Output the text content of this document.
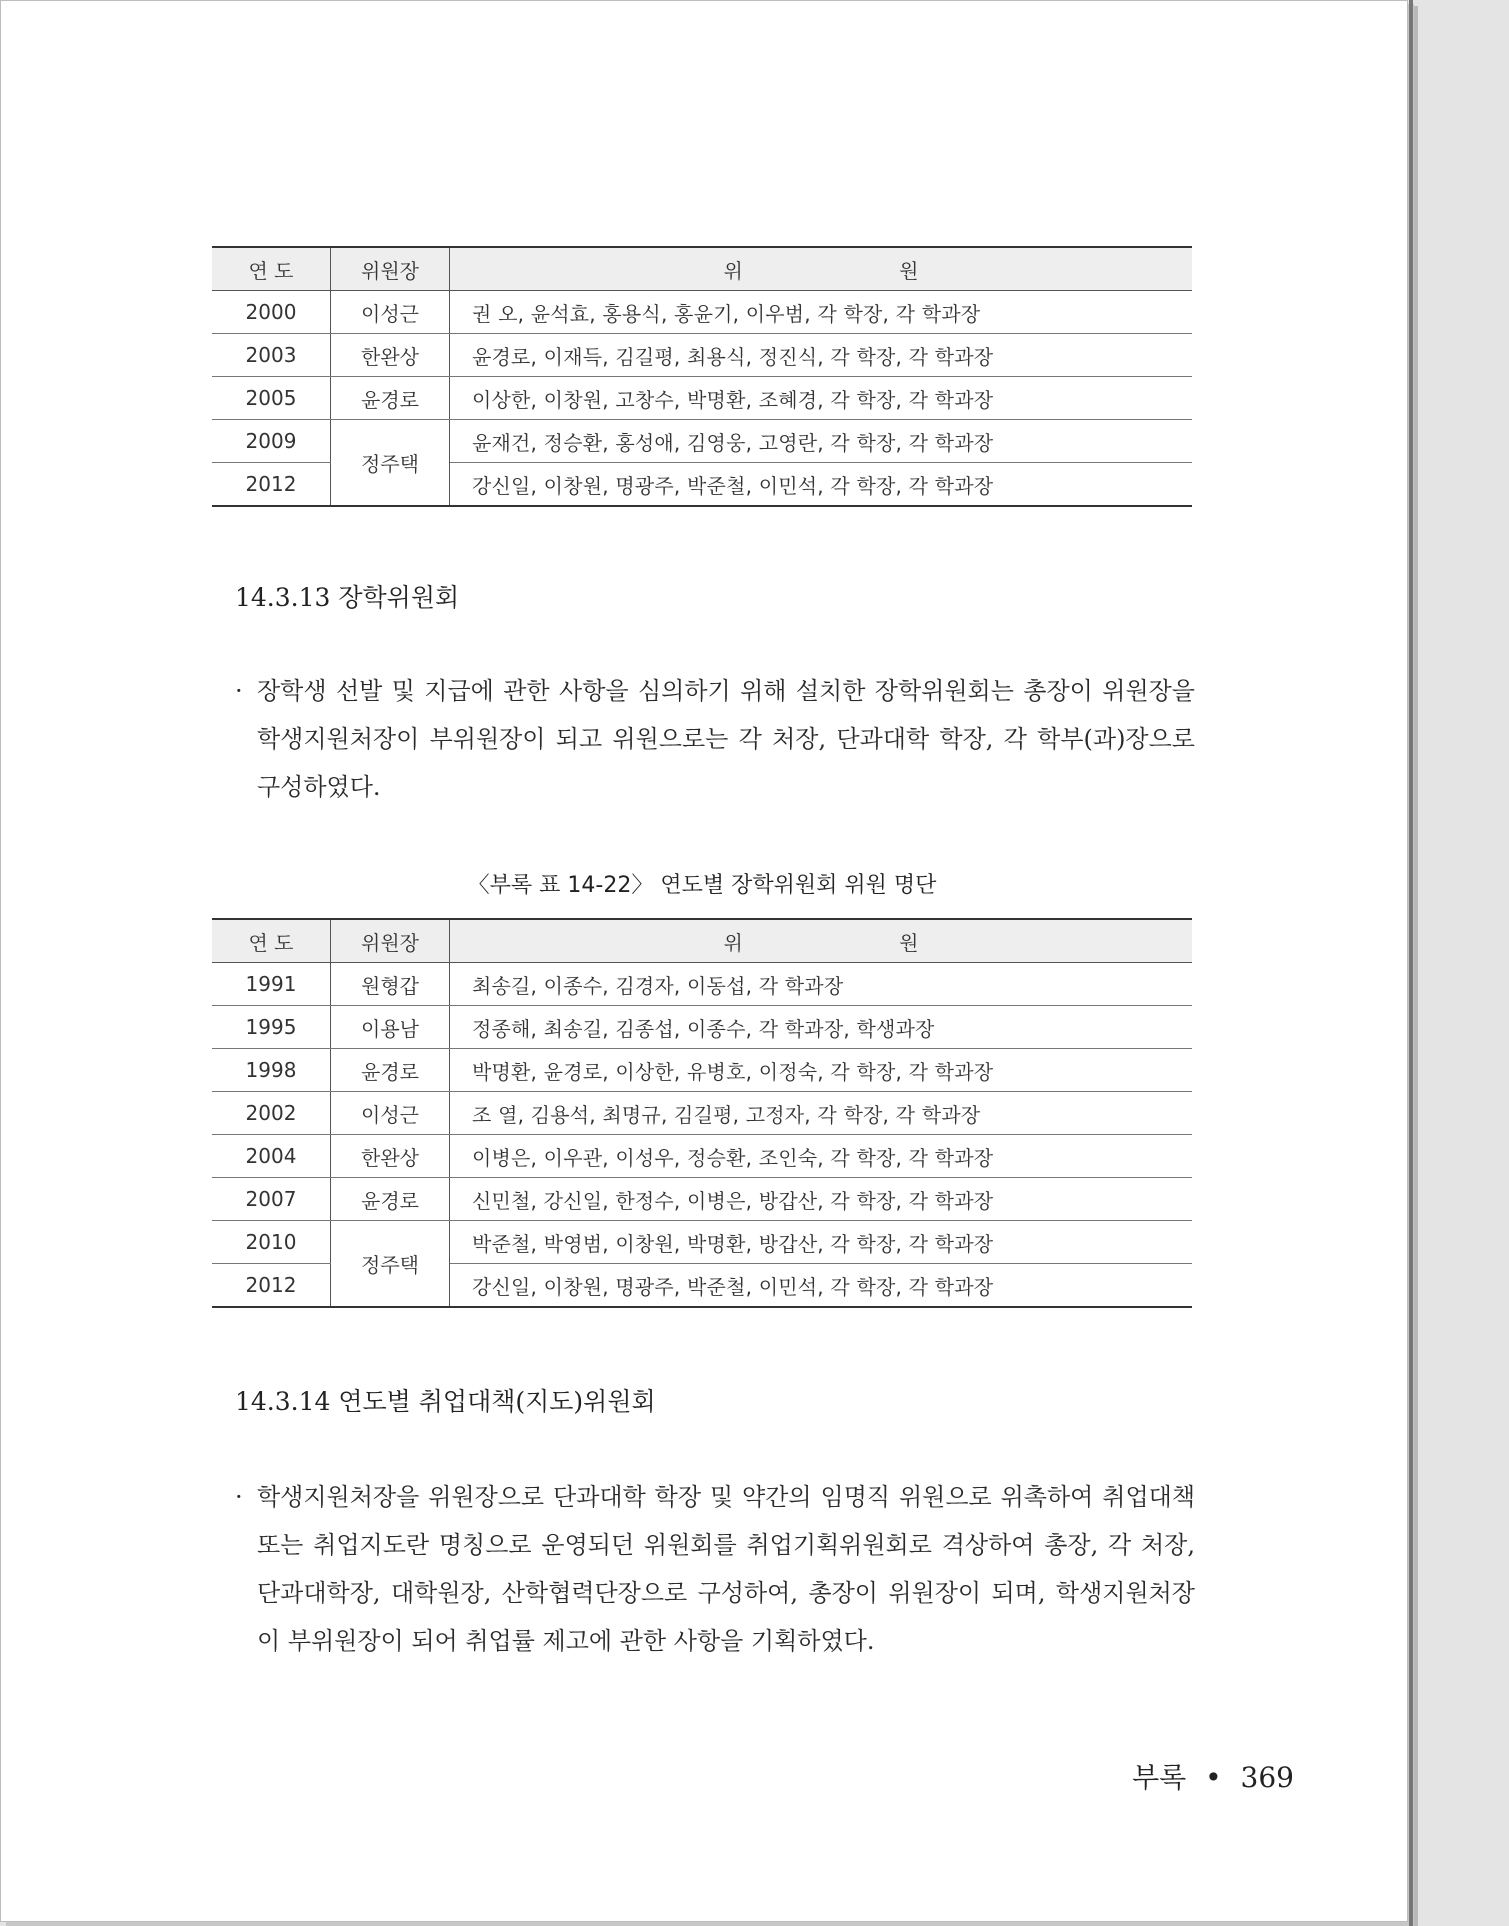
연 도	위원장	위 원
2000	이성근	권 오, 윤석효, 홍용식, 홍윤기, 이우범, 각 학장, 각 학과장
2003	한완상	윤경로, 이재득, 김길평, 최용식, 정진식, 각 학장, 각 학과장
2005	윤경로	이상한, 이창원, 고창수, 박명환, 조혜경, 각 학장, 각 학과장
2009	정주택	윤재건, 정승환, 홍성애, 김영웅, 고영란, 각 학장, 각 학과장
2012		강신일, 이창원, 명광주, 박준철, 이민석, 각 학장, 각 학과장
14.3.13 장학위원회
· 장학생 선발 및 지급에 관한 사항을 심의하기 위해 설치한 장학위원회는 총장이 위원장을 학생지원처장이 부위원장이 되고 위원으로는 각 처장, 단과대학 학장, 각 학부(과)장으로 구성하였다.
〈부록 표 14-22〉 연도별 장학위원회 위원 명단
연 도	위원장	위 원
1991	원형갑	최송길, 이종수, 김경자, 이동섭, 각 학과장
1995	이용남	정종해, 최송길, 김종섭, 이종수, 각 학과장, 학생과장
1998	윤경로	박명환, 윤경로, 이상한, 유병호, 이정숙, 각 학장, 각 학과장
2002	이성근	조 열, 김용석, 최명규, 김길평, 고정자, 각 학장, 각 학과장
2004	한완상	이병은, 이우관, 이성우, 정승환, 조인숙, 각 학장, 각 학과장
2007	윤경로	신민철, 강신일, 한정수, 이병은, 방갑산, 각 학장, 각 학과장
2010	정주택	박준철, 박영범, 이창원, 박명환, 방갑산, 각 학장, 각 학과장
2012		강신일, 이창원, 명광주, 박준철, 이민석, 각 학장, 각 학과장
14.3.14 연도별 취업대책(지도)위원회
· 학생지원처장을 위원장으로 단과대학 학장 및 약간의 임명직 위원으로 위촉하여 취업대책 또는 취업지도란 명칭으로 운영되던 위원회를 취업기획위원회로 격상하여 총장, 각 처장, 단과대학장, 대학원장, 산학협력단장으로 구성하여, 총장이 위원장이 되며, 학생지원처장이 부위원장이 되어 취업률 제고에 관한 사항을 기획하였다.
부록 • 369
